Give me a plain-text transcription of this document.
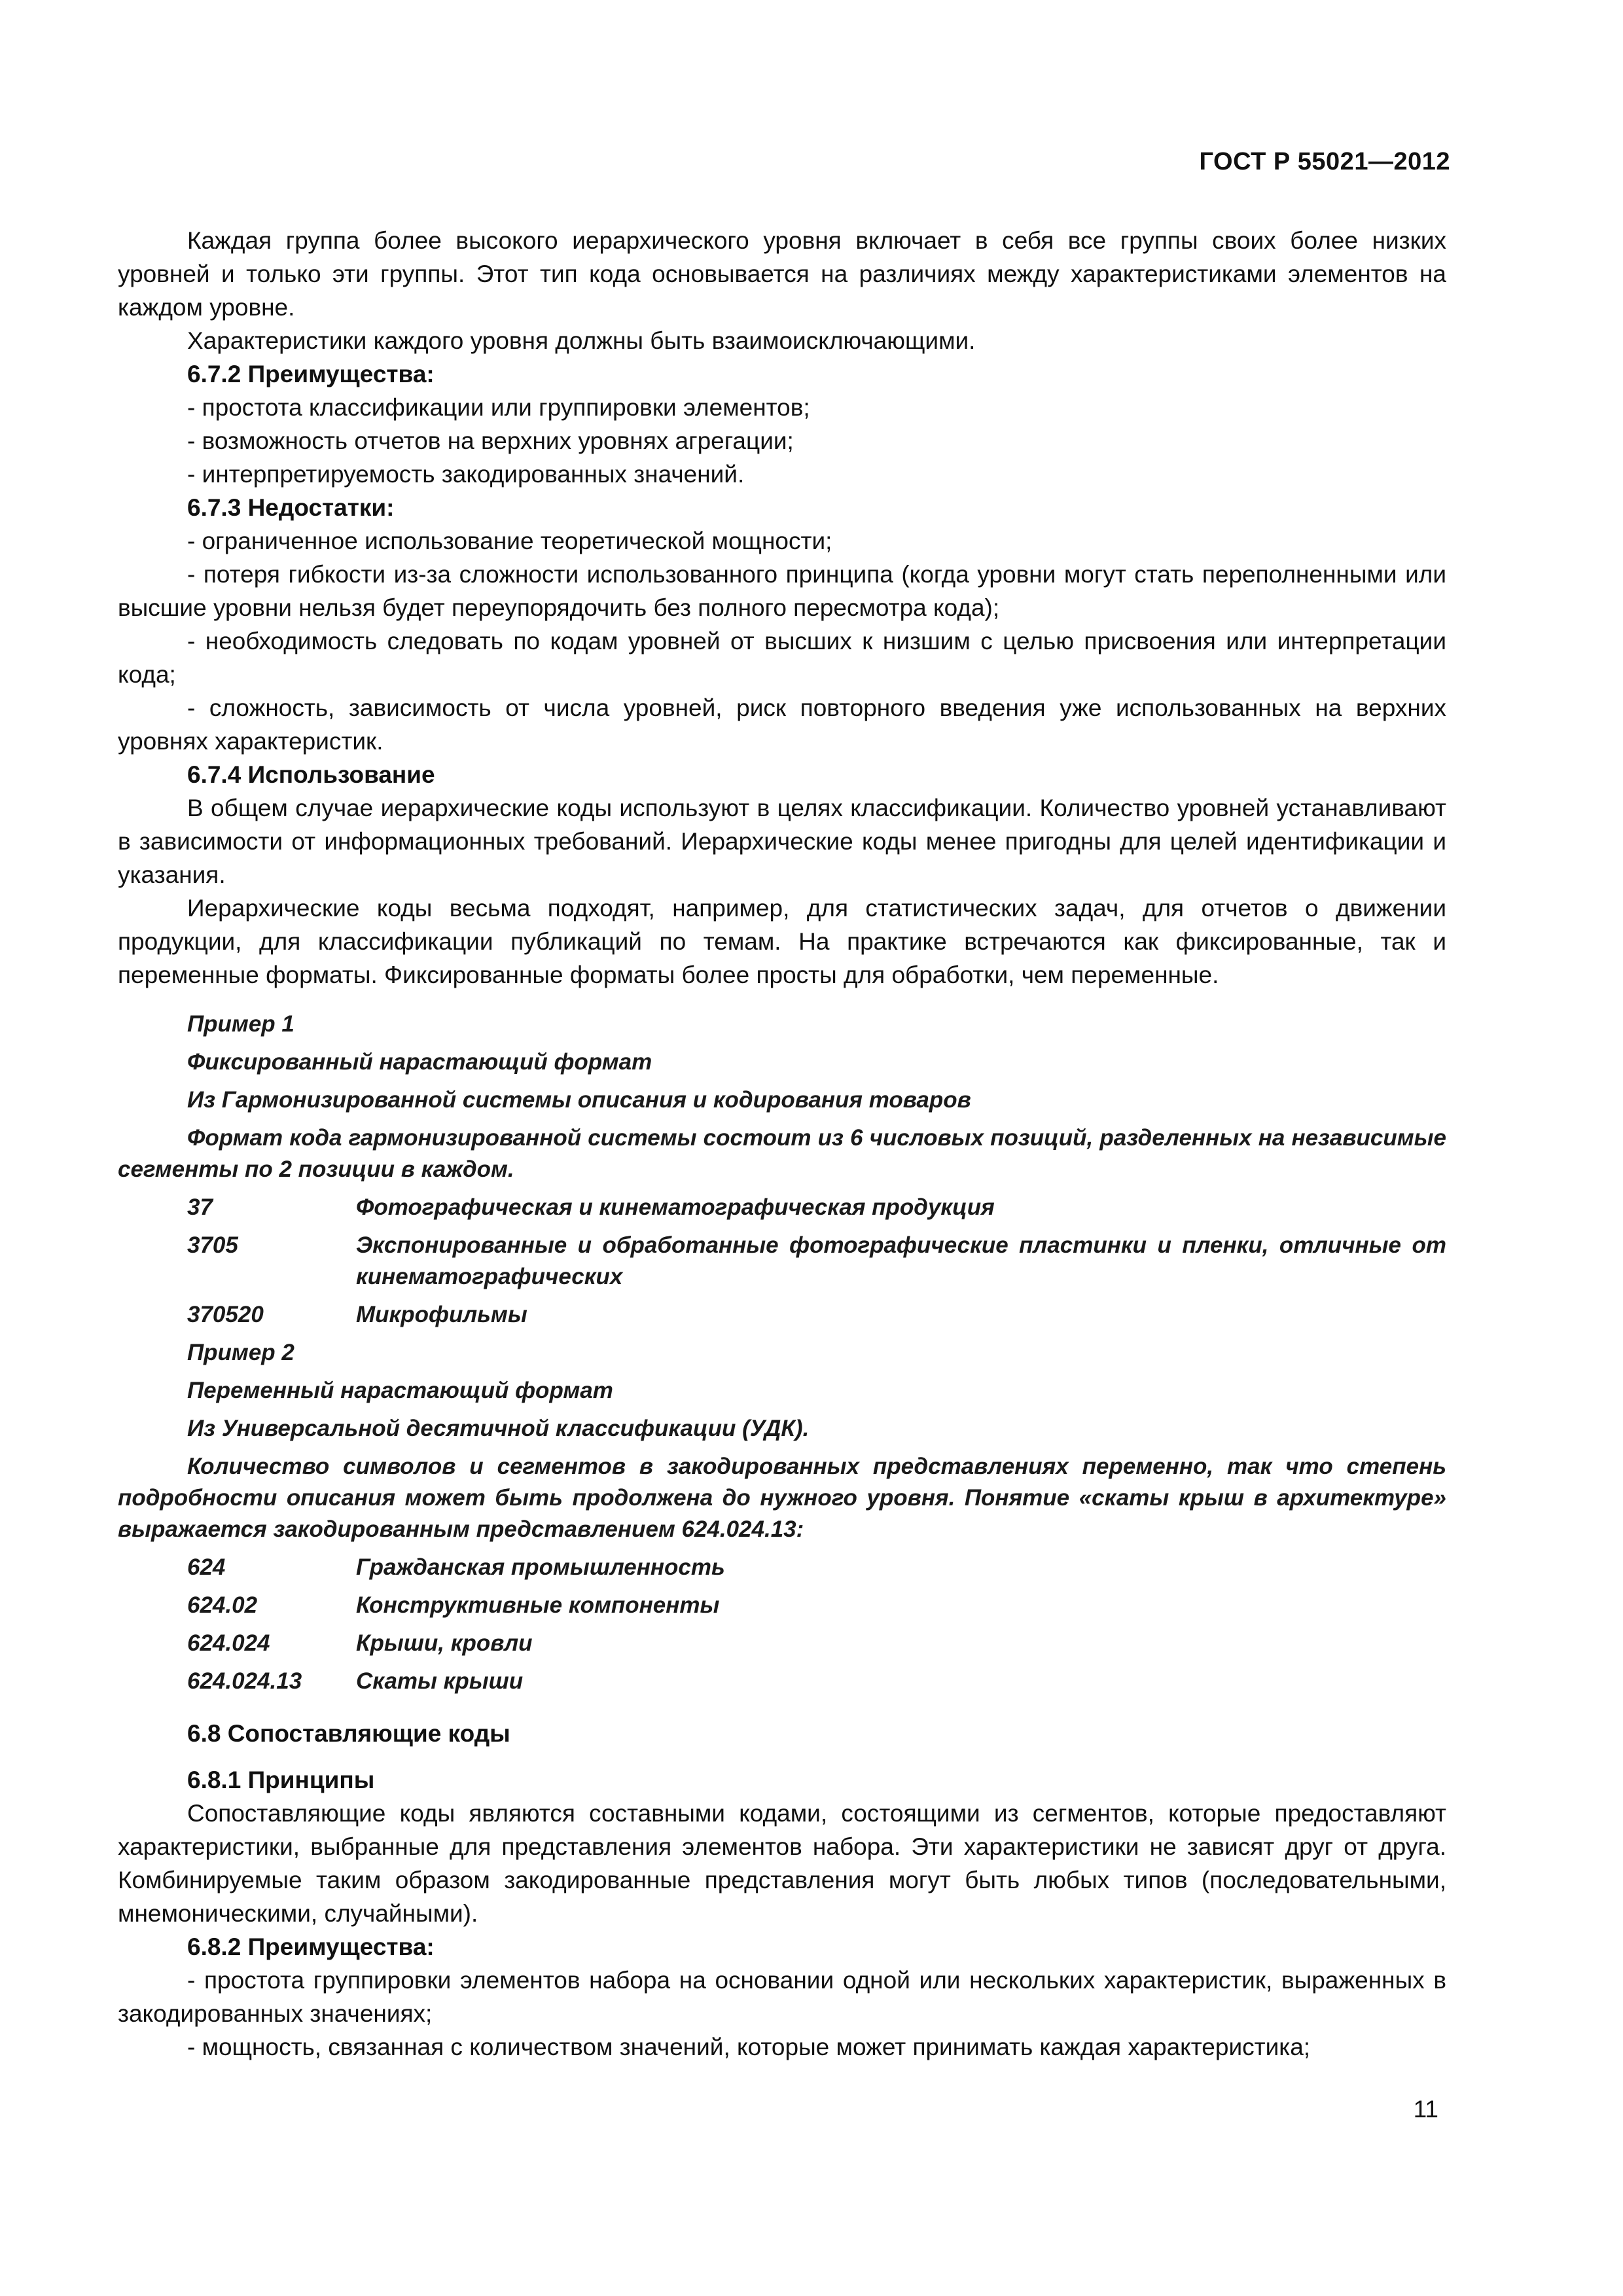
ГОСТ Р 55021—2012

Каждая группа более высокого иерархического уровня включает в себя все группы своих более низких уровней и только эти группы. Этот тип кода основывается на различиях между характеристиками элементов на каждом уровне.

Характеристики каждого уровня должны быть взаимоисключающими.

6.7.2 Преимущества:

- простота классификации или группировки элементов;

- возможность отчетов на верхних уровнях агрегации;

- интерпретируемость закодированных значений.

6.7.3 Недостатки:

- ограниченное использование теоретической мощности;

- потеря гибкости из-за сложности использованного принципа (когда уровни могут стать переполненными или высшие уровни нельзя будет переупорядочить без полного пересмотра кода);

- необходимость следовать по кодам уровней от высших к низшим с целью присвоения или интерпретации кода;

- сложность, зависимость от числа уровней, риск повторного введения уже использованных на верхних уровнях характеристик.

6.7.4 Использование

В общем случае иерархические коды используют в целях классификации. Количество уровней устанавливают в зависимости от информационных требований. Иерархические коды менее пригодны для целей идентификации и указания.

Иерархические коды весьма подходят, например, для статистических задач, для отчетов о движении продукции, для классификации публикаций по темам. На практике встречаются как фиксированные, так и переменные форматы. Фиксированные форматы более просты для обработки, чем переменные.

Пример 1

Фиксированный нарастающий формат

Из Гармонизированной системы описания и кодирования товаров

Формат кода гармонизированной системы состоит из 6 числовых позиций, разделенных на независимые сегменты по 2 позиции в каждом.

37	Фотографическая и кинематографическая продукция
3705	Экспонированные и обработанные фотографические пластинки и пленки, отличные от кинематографических
370520	Микрофильмы

Пример 2

Переменный нарастающий формат

Из Универсальной десятичной классификации (УДК).

Количество символов и сегментов в закодированных представлениях переменно, так что степень подробности описания может быть продолжена до нужного уровня. Понятие «скаты крыш в архитектуре» выражается закодированным представлением 624.024.13:

624	Гражданская промышленность
624.02	Конструктивные компоненты
624.024	Крыши, кровли
624.024.13	Скаты крыши

6.8 Сопоставляющие коды

6.8.1 Принципы

Сопоставляющие коды являются составными кодами, состоящими из сегментов, которые предоставляют характеристики, выбранные для представления элементов набора. Эти характеристики не зависят друг от друга. Комбинируемые таким образом закодированные представления могут быть любых типов (последовательными, мнемоническими, случайными).

6.8.2 Преимущества:

- простота группировки элементов набора на основании одной или нескольких характеристик, выраженных в закодированных значениях;

- мощность, связанная с количеством значений, которые может принимать каждая характеристика;

11
